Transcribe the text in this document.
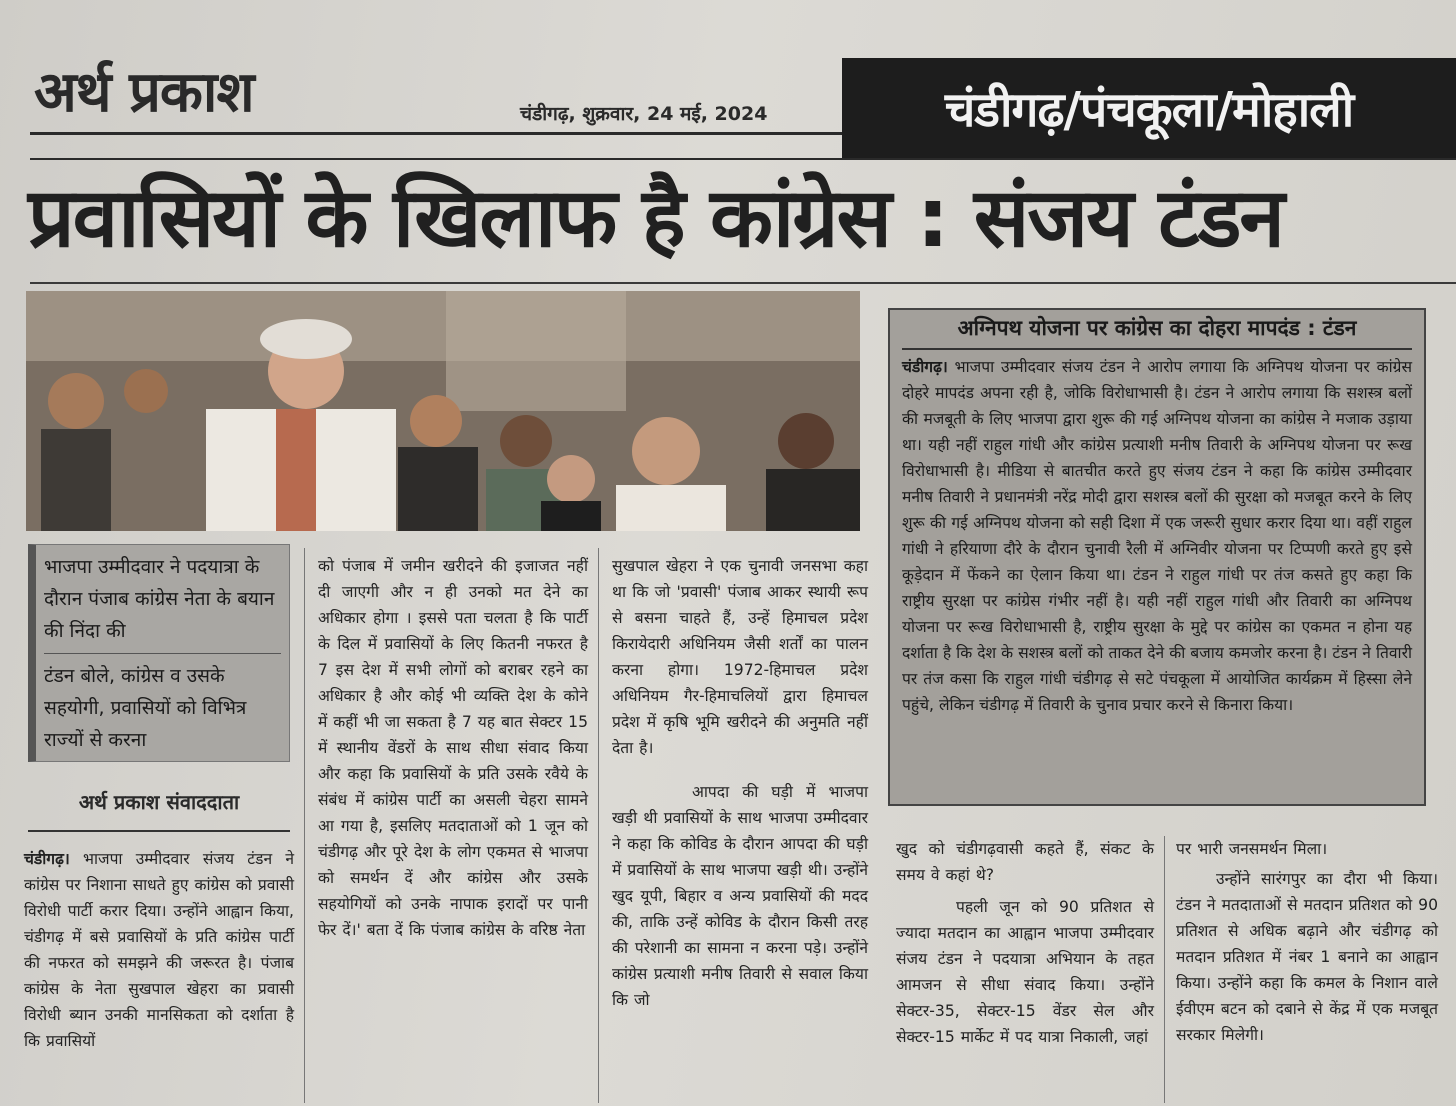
अर्थ प्रकाश	चंडीगढ़, शुक्रवार, 24 मई, 2024	चंडीगढ़/पंचकूला/मोहाली
प्रवासियों के खिलाफ है कांग्रेस : संजय टंडन

भाजपा उम्मीदवार ने पदयात्रा के दौरान पंजाब कांग्रेस नेता के बयान की निंदा की

टंडन बोले, कांग्रेस व उसके सहयोगी, प्रवासियों को विभित्र राज्यों से करना

अर्थ प्रकाश संवाददाता

चंडीगढ़। भाजपा उम्मीदवार संजय टंडन ने कांग्रेस पर निशाना साधते हुए कांग्रेस को प्रवासी विरोधी पार्टी करार दिया। उन्होंने आह्वान किया, चंडीगढ़ में बसे प्रवासियों के प्रति कांग्रेस पार्टी की नफरत को समझने की जरूरत है। पंजाब कांग्रेस के नेता सुखपाल खेहरा का प्रवासी विरोधी ब्यान उनकी मानसिकता को दर्शाता है कि प्रवासियों

को पंजाब में जमीन खरीदने की इजाजत नहीं दी जाएगी और न ही उनको मत देने का अधिकार होगा । इससे पता चलता है कि पार्टी के दिल में प्रवासियों के लिए कितनी नफरत है 7 इस देश में सभी लोगों को बराबर रहने का अधिकार है और कोई भी व्यक्ति देश के कोने में कहीं भी जा सकता है 7 यह बात सेक्टर 15 में स्थानीय वेंडरों के साथ सीधा संवाद किया और कहा कि प्रवासियों के प्रति उसके रवैये के संबंध में कांग्रेस पार्टी का असली चेहरा सामने आ गया है, इसलिए मतदाताओं को 1 जून को चंडीगढ़ और पूरे देश के लोग एकमत से भाजपा को समर्थन दें और कांग्रेस और उसके सहयोगियों को उनके नापाक इरादों पर पानी फेर दें।' बता दें कि पंजाब कांग्रेस के वरिष्ठ नेता

सुखपाल खेहरा ने एक चुनावी जनसभा कहा था कि जो 'प्रवासी' पंजाब आकर स्थायी रूप से बसना चाहते हैं, उन्हें हिमाचल प्रदेश किरायेदारी अधिनियम जैसी शर्तों का पालन करना होगा। 1972-हिमाचल प्रदेश अधिनियम गैर-हिमाचलियों द्वारा हिमाचल प्रदेश में कृषि भूमि खरीदने की अनुमति नहीं देता है।

आपदा की घड़ी में भाजपा खड़ी थी प्रवासियों के साथ भाजपा उम्मीदवार ने कहा कि कोविड के दौरान आपदा की घड़ी में प्रवासियों के साथ भाजपा खड़ी थी। उन्होंने खुद यूपी, बिहार व अन्य प्रवासियों की मदद की, ताकि उन्हें कोविड के दौरान किसी तरह की परेशानी का सामना न करना पड़े। उन्होंने कांग्रेस प्रत्याशी मनीष तिवारी से सवाल किया कि जो

अग्निपथ योजना पर कांग्रेस का दोहरा मापदंड : टंडन
चंडीगढ़। भाजपा उम्मीदवार संजय टंडन ने आरोप लगाया कि अग्निपथ योजना पर कांग्रेस दोहरे मापदंड अपना रही है, जोकि विरोधाभासी है। टंडन ने आरोप लगाया कि सशस्त्र बलों की मजबूती के लिए भाजपा द्वारा शुरू की गई अग्निपथ योजना का कांग्रेस ने मजाक उड़ाया था। यही नहीं राहुल गांधी और कांग्रेस प्रत्याशी मनीष तिवारी के अग्निपथ योजना पर रूख विरोधाभासी है। मीडिया से बातचीत करते हुए संजय टंडन ने कहा कि कांग्रेस उम्मीदवार मनीष तिवारी ने प्रधानमंत्री नरेंद्र मोदी द्वारा सशस्त्र बलों की सुरक्षा को मजबूत करने के लिए शुरू की गई अग्निपथ योजना को सही दिशा में एक जरूरी सुधार करार दिया था। वहीं राहुल गांधी ने हरियाणा दौरे के दौरान चुनावी रैली में अग्निवीर योजना पर टिप्पणी करते हुए इसे कूड़ेदान में फेंकने का ऐलान किया था। टंडन ने राहुल गांधी पर तंज कसते हुए कहा कि राष्ट्रीय सुरक्षा पर कांग्रेस गंभीर नहीं है। यही नहीं राहुल गांधी और तिवारी का अग्निपथ योजना पर रूख विरोधाभासी है, राष्ट्रीय सुरक्षा के मुद्दे पर कांग्रेस का एकमत न होना यह दर्शाता है कि देश के सशस्त्र बलों को ताकत देने की बजाय कमजोर करना है। टंडन ने तिवारी पर तंज कसा कि राहुल गांधी चंडीगढ़ से सटे पंचकूला में आयोजित कार्यक्रम में हिस्सा लेने पहुंचे, लेकिन चंडीगढ़ में तिवारी के चुनाव प्रचार करने से किनारा किया।

खुद को चंडीगढ़वासी कहते हैं, संकट के समय वे कहां थे?

पहली जून को 90 प्रतिशत से ज्यादा मतदान का आह्वान भाजपा उम्मीदवार संजय टंडन ने पदयात्रा अभियान के तहत आमजन से सीधा संवाद किया। उन्होंने सेक्टर-35, सेक्टर-15 वेंडर सेल और सेक्टर-15 मार्केट में पद यात्रा निकाली, जहां

पर भारी जनसमर्थन मिला।

उन्होंने सारंगपुर का दौरा भी किया।टंडन ने मतदाताओं से मतदान प्रतिशत को 90 प्रतिशत से अधिक बढ़ाने और चंडीगढ़ को मतदान प्रतिशत में नंबर 1 बनाने का आह्वान किया। उन्होंने कहा कि कमल के निशान वाले ईवीएम बटन को दबाने से केंद्र में एक मजबूत सरकार मिलेगी।
